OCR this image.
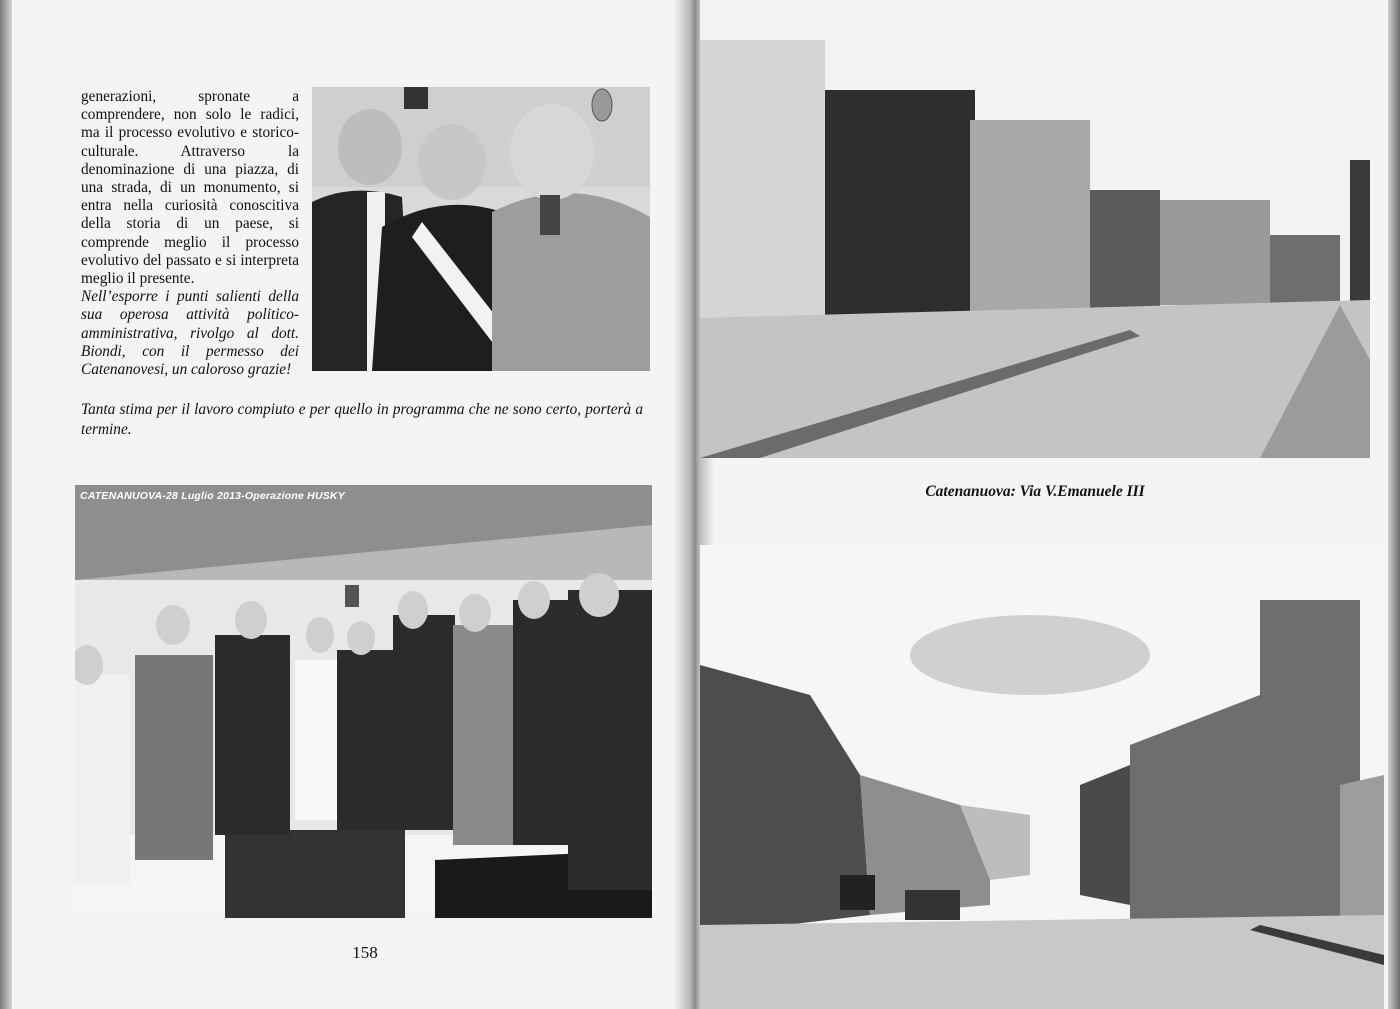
generazioni, spronate a comprendere, non solo le radici, ma il processo evolutivo e storico-culturale. Attraverso la denominazione di una piazza, di una strada, di un monumento, si entra nella curiosità conoscitiva della storia di un paese, si comprende meglio il processo evolutivo del passato e si interpreta meglio il presente.

Nell’esporre i punti salienti della sua operosa attività politico-amministrativa, rivolgo al dott. Biondi, con il permesso dei Catenanovesi, un caloroso grazie!

Tanta stima per il lavoro compiuto e per quello in programma che ne sono certo, porterà a termine.
CATENANUOVA-28 Luglio 2013-Operazione HUSKY
158
Catenanuova: Via V.Emanuele III
